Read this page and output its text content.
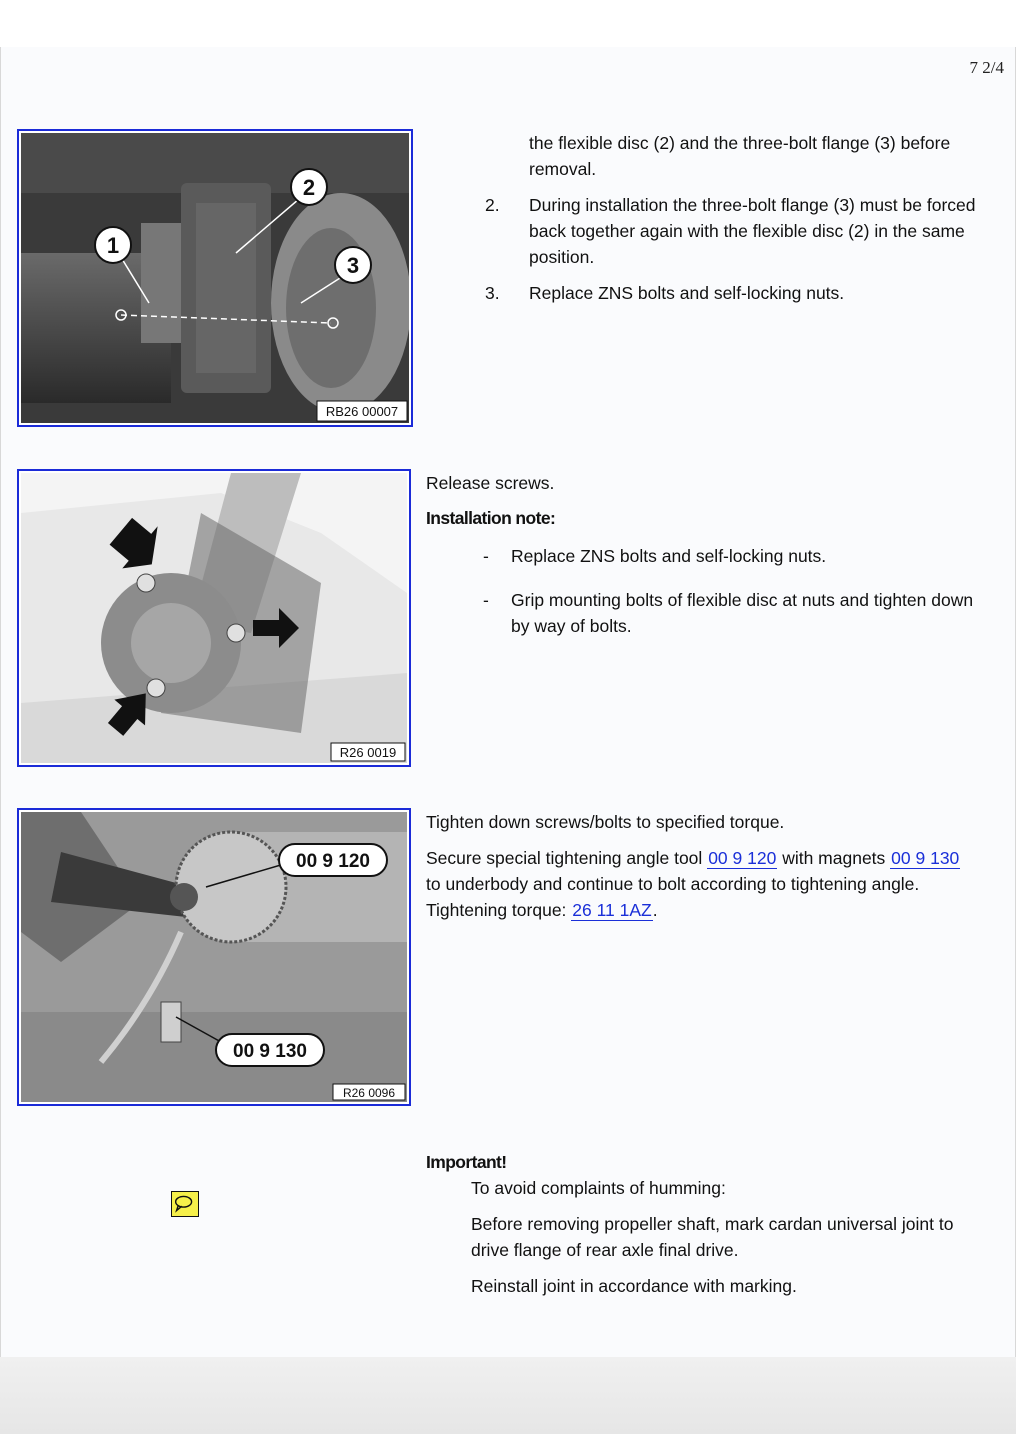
7 2/4
1
2
3
RB26 00007

the flexible disc (2) and the three-bolt flange (3) before removal.

2. During installation the three-bolt flange (3) must be forced back together again with the flexible disc (2) in the same position.
3. Replace ZNS bolts and self-locking nuts.
R26 0019

Release screws.

Installation note:

- Replace ZNS bolts and self-locking nuts.
- Grip mounting bolts of flexible disc at nuts and tighten down by way of bolts.
00 9 120
00 9 130
R26 0096

Tighten down screws/bolts to specified torque.

Secure special tightening angle tool 00 9 120 with magnets 00 9 130 to underbody and continue to bolt according to tightening angle. Tightening torque: 26 11 1AZ.

Important!

To avoid complaints of humming:

Before removing propeller shaft, mark cardan universal joint to drive flange of rear axle final drive.

Reinstall joint in accordance with marking.
